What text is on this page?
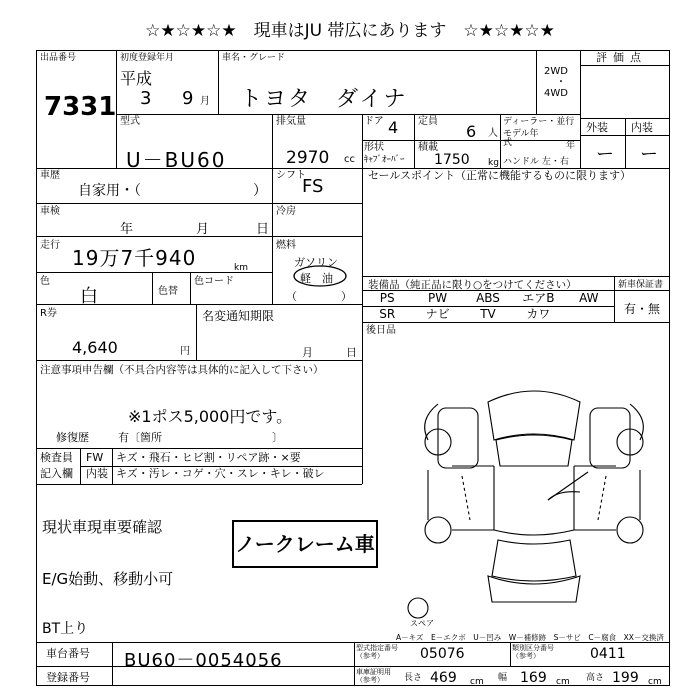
☆★☆★☆★　現車はJU 帯広にあります　☆★☆★☆★
出品番号
7331
初度登録年月
平成
3 9 月
車名・グレード
トヨタ　ダイナ
2WD
・
4WD
評価点
外装 内装
ー ー
型式
U－BU60
排気量
2970 cc
ドア 4 定員
6 人
ディーラー・並行
モデル年式	年
形状
ｷｬﾌﾞｵｰﾊﾞｰ
積載
1750 kg ハンドル 左・右
車歴
自家用・（　　　　　　　　）
シフト
FS
セールスポイント（正常に機能するものに限ります）
車検
年	月	日
冷房
走行
19万7千940	km
燃料
ガソリン
軽　油
（　　　　）
色
白	色替
色コード	装備品（純正品に限り○をつけてください）	新車保証書
有・無
PS	PW	ABS	エアB	AW
SR	ナビ	TV	カワ
後日品
R券
4,640	円
名変通知期限
月	日
注意事項申告欄（不具合内容等は具体的に記入して下さい）
※1ポス5,000円です。
修復歴	有〔箇所　　　　　　　　　　〕
検査員
記入欄
FW
内装
キズ・飛石・ヒビ割・リペア跡・×要
キズ・汚レ・コゲ・穴・スレ・キレ・破レ
現状車現車要確認
E/G始動、移動小可
BT上り
ノークレーム車
スペア
A－キズ　E－エクボ　U－凹み　W－補修跡　S－サビ　C－腐食　XX－交換済
車台番号 BU60－0054056
登録番号
型式指定番号（参考）	05076	類別区分番号（参考）	0411
車庫証明用（参考）	長さ 469 cm 幅 169 cm 高さ 199 cm
